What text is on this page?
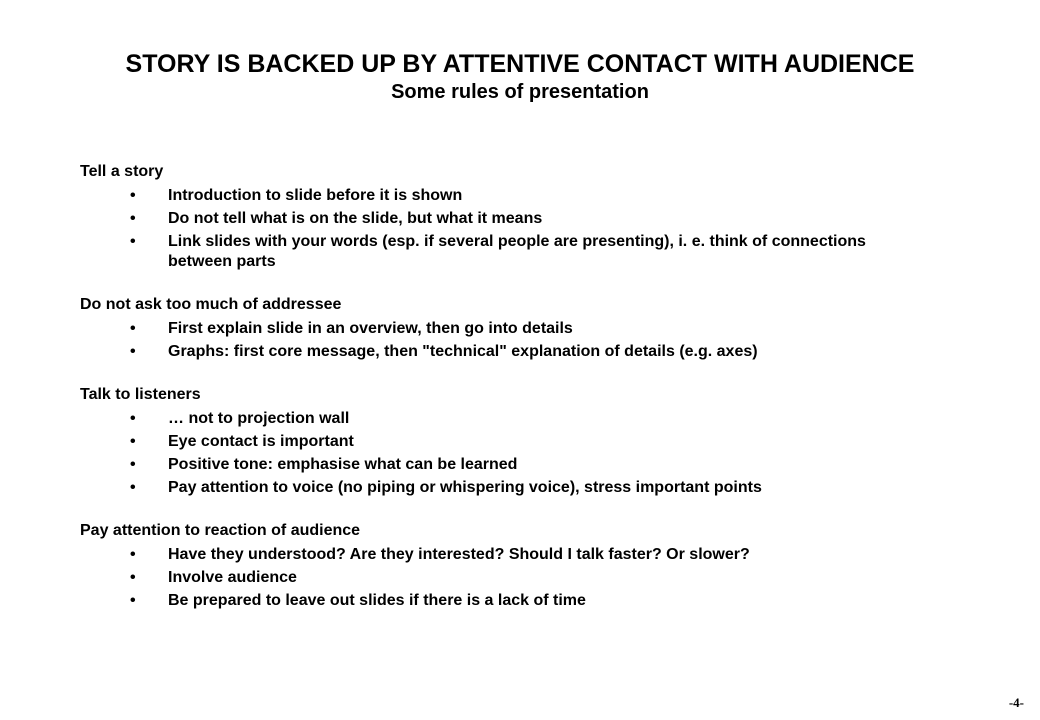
STORY IS BACKED UP BY ATTENTIVE CONTACT WITH AUDIENCE
Some rules of presentation
Tell a story
• Introduction to slide before it is shown
• Do not tell what is on the slide, but what it means
• Link slides with your words (esp. if several people are presenting), i. e. think of connections between parts
Do not ask too much of addressee
• First explain slide in an overview, then go into details
• Graphs: first core message, then "technical" explanation of details (e.g. axes)
Talk to listeners
• … not to projection wall
• Eye contact is important
• Positive tone: emphasise what can be learned
• Pay attention to voice (no piping or whispering voice), stress important points
Pay attention to reaction of audience
• Have they understood? Are they interested? Should I talk faster? Or slower?
• Involve audience
• Be prepared to leave out slides if there is a lack of time
-4-
